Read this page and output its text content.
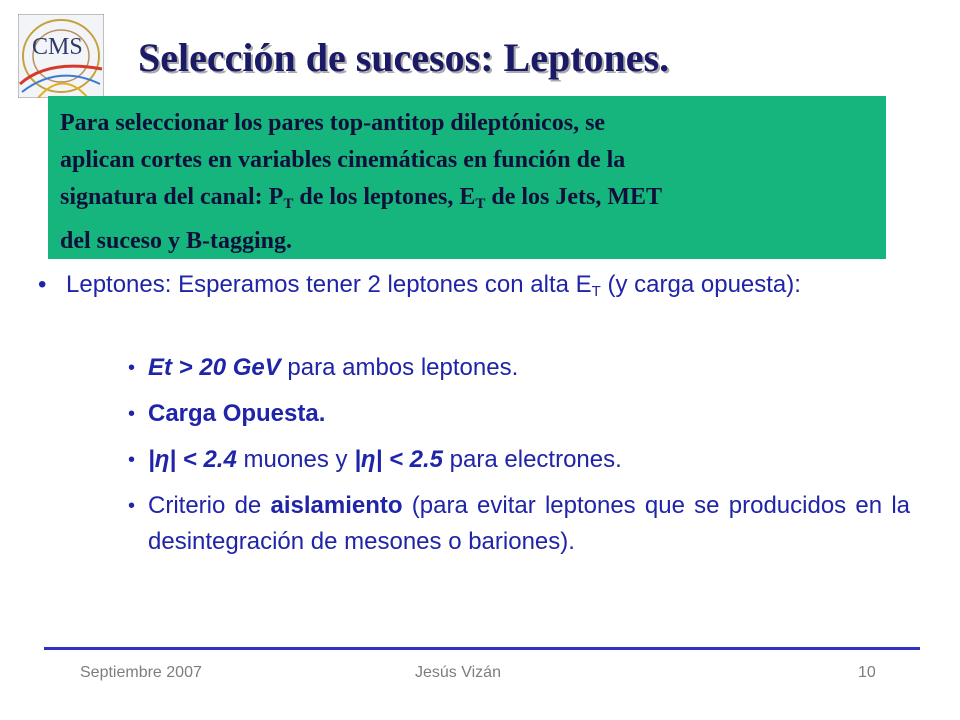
CMS Selección de sucesos: Leptones.

Para seleccionar los pares top-antitop dileptónicos, se

aplican cortes en variables cinemáticas en función de la

signatura del canal: $P_T$ de los leptones, $E_T$ de los Jets, MET

del suceso y B-tagging.

• Leptones: Esperamos tener 2 leptones con alta $E_T$ (y carga opuesta):
• Et > 20 GeV para ambos leptones.
• Carga Opuesta.
• |η| < 2.4 muones y |η| < 2.5 para electrones.
• Criterio de aislamiento (para evitar leptones que se producidos en la desintegración de mesones o bariones).
Septiembre 2007	Jesús Vizán	10
